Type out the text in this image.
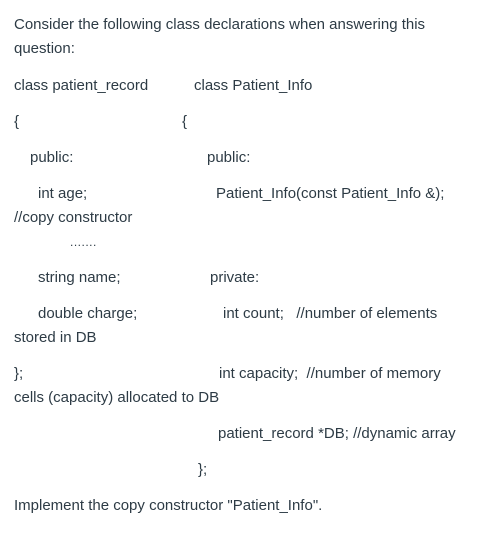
Consider the following class declarations when answering this
question:
class patient_record	class Patient_Info
{	{
public:	public:
int age;	Patient_Info(const Patient_Info &);
//copy constructor
.......
string name;	private:
double charge;	int count;   //number of elements
stored in DB
};	int capacity;  //number of memory
cells (capacity) allocated to DB
patient_record *DB; //dynamic array
};
Implement the copy constructor "Patient_Info".
